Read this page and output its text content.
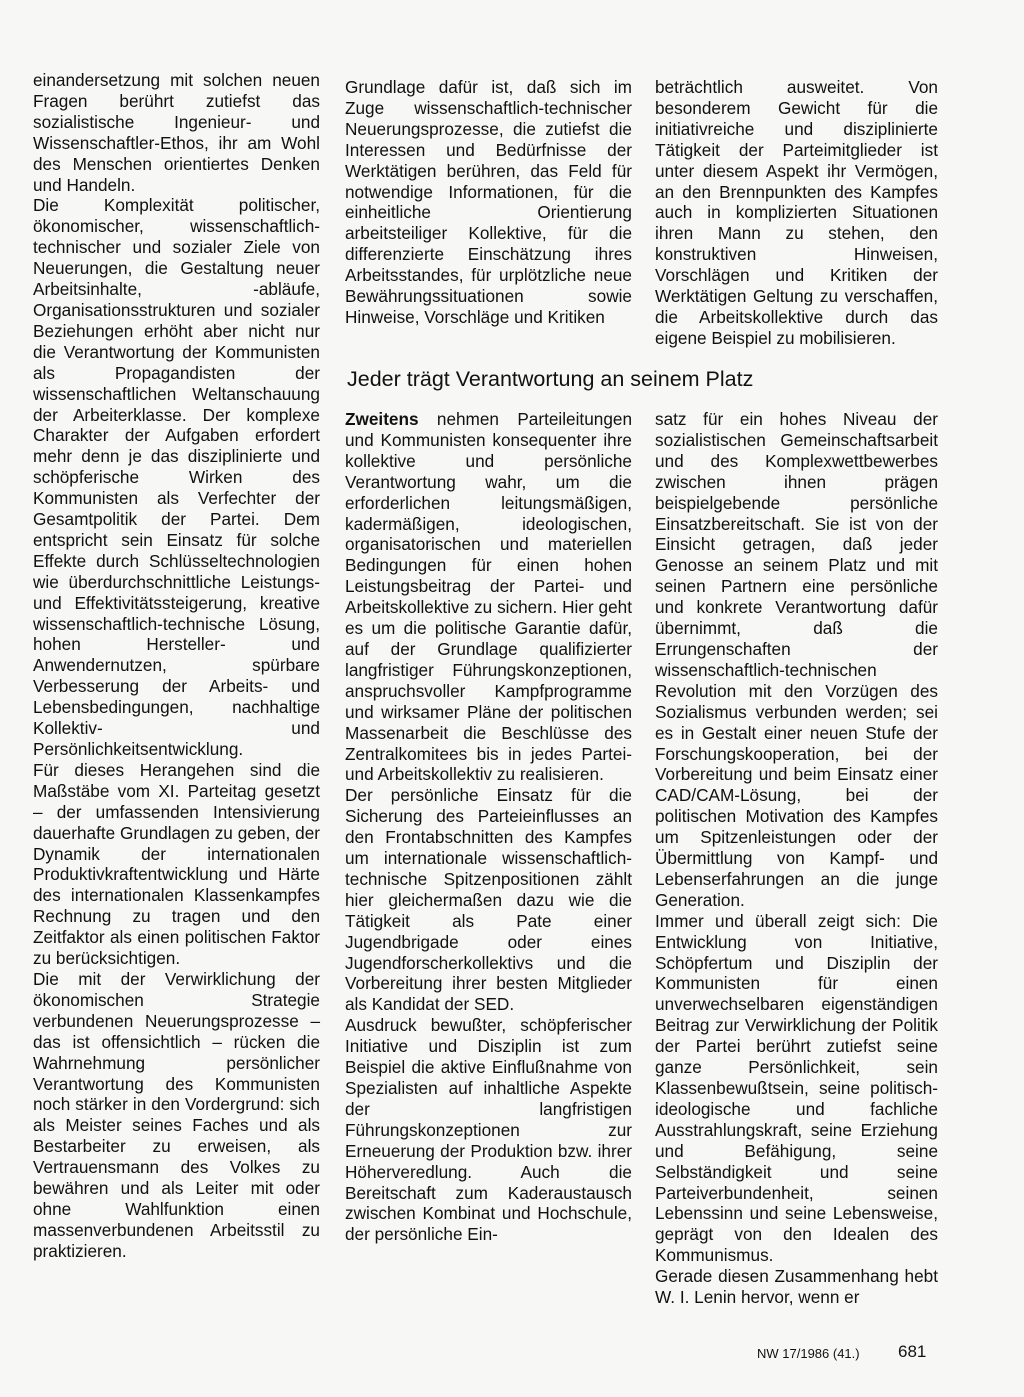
einandersetzung mit solchen neuen Fragen berührt zutiefst das sozialistische Ingenieur- und Wissenschaftler-Ethos, ihr am Wohl des Menschen orientiertes Denken und Handeln.

Die Komplexität politischer, ökonomischer, wissenschaftlich-technischer und sozialer Ziele von Neuerungen, die Gestaltung neuer Arbeitsinhalte, -abläufe, Organisationsstrukturen und sozialer Beziehungen erhöht aber nicht nur die Verantwortung der Kommunisten als Propagandisten der wissenschaftlichen Weltanschauung der Arbeiterklasse. Der komplexe Charakter der Aufgaben erfordert mehr denn je das disziplinierte und schöpferische Wirken des Kommunisten als Verfechter der Gesamtpolitik der Partei. Dem entspricht sein Einsatz für solche Effekte durch Schlüsseltechnologien wie überdurchschnittliche Leistungs- und Effektivitätssteigerung, kreative wissenschaftlich-technische Lösung, hohen Hersteller- und Anwendernutzen, spürbare Verbesserung der Arbeits- und Lebensbedingungen, nachhaltige Kollektiv- und Persönlichkeitsentwicklung.

Für dieses Herangehen sind die Maßstäbe vom XI. Parteitag gesetzt – der umfassenden Intensivierung dauerhafte Grundlagen zu geben, der Dynamik der internationalen Produktivkraftentwicklung und Härte des internationalen Klassenkampfes Rechnung zu tragen und den Zeitfaktor als einen politischen Faktor zu berücksichtigen.

Die mit der Verwirklichung der ökonomischen Strategie verbundenen Neuerungsprozesse – das ist offensichtlich – rücken die Wahrnehmung persönlicher Verantwortung des Kommunisten noch stärker in den Vordergrund: sich als Meister seines Faches und als Bestarbeiter zu erweisen, als Vertrauensmann des Volkes zu bewähren und als Leiter mit oder ohne Wahlfunktion einen massenverbundenen Arbeitsstil zu praktizieren.

Grundlage dafür ist, daß sich im Zuge wissenschaftlich-technischer Neuerungsprozesse, die zutiefst die Interessen und Bedürfnisse der Werktätigen berühren, das Feld für notwendige Informationen, für die einheitliche Orientierung arbeitsteiliger Kollektive, für die differenzierte Einschätzung ihres Arbeitsstandes, für urplötzliche neue Bewährungssituationen sowie Hinweise, Vorschläge und Kritiken

beträchtlich ausweitet. Von besonderem Gewicht für die initiativreiche und disziplinierte Tätigkeit der Parteimitglieder ist unter diesem Aspekt ihr Vermögen, an den Brennpunkten des Kampfes auch in komplizierten Situationen ihren Mann zu stehen, den konstruktiven Hinweisen, Vorschlägen und Kritiken der Werktätigen Geltung zu verschaffen, die Arbeitskollektive durch das eigene Beispiel zu mobilisieren.

Jeder trägt Verantwortung an seinem Platz

Zweitens nehmen Parteileitungen und Kommunisten konsequenter ihre kollektive und persönliche Verantwortung wahr, um die erforderlichen leitungsmäßigen, kadermäßigen, ideologischen, organisatorischen und materiellen Bedingungen für einen hohen Leistungsbeitrag der Partei- und Arbeitskollektive zu sichern. Hier geht es um die politische Garantie dafür, auf der Grundlage qualifizierter langfristiger Führungskonzeptionen, anspruchsvoller Kampfprogramme und wirksamer Pläne der politischen Massenarbeit die Beschlüsse des Zentralkomitees bis in jedes Partei- und Arbeitskollektiv zu realisieren.

Der persönliche Einsatz für die Sicherung des Parteieinflusses an den Frontabschnitten des Kampfes um internationale wissenschaftlich-technische Spitzenpositionen zählt hier gleichermaßen dazu wie die Tätigkeit als Pate einer Jugendbrigade oder eines Jugendforscherkollektivs und die Vorbereitung ihrer besten Mitglieder als Kandidat der SED.

Ausdruck bewußter, schöpferischer Initiative und Disziplin ist zum Beispiel die aktive Einflußnahme von Spezialisten auf inhaltliche Aspekte der langfristigen Führungskonzeptionen zur Erneuerung der Produktion bzw. ihrer Höherveredlung. Auch die Bereitschaft zum Kaderaustausch zwischen Kombinat und Hochschule, der persönliche Ein-

satz für ein hohes Niveau der sozialistischen Gemeinschaftsarbeit und des Komplexwettbewerbes zwischen ihnen prägen beispielgebende persönliche Einsatzbereitschaft. Sie ist von der Einsicht getragen, daß jeder Genosse an seinem Platz und mit seinen Partnern eine persönliche und konkrete Verantwortung dafür übernimmt, daß die Errungenschaften der wissenschaftlich-technischen Revolution mit den Vorzügen des Sozialismus verbunden werden; sei es in Gestalt einer neuen Stufe der Forschungskooperation, bei der Vorbereitung und beim Einsatz einer CAD/CAM-Lösung, bei der politischen Motivation des Kampfes um Spitzenleistungen oder der Übermittlung von Kampf- und Lebenserfahrungen an die junge Generation.

Immer und überall zeigt sich: Die Entwicklung von Initiative, Schöpfertum und Disziplin der Kommunisten für einen unverwechselbaren eigenständigen Beitrag zur Verwirklichung der Politik der Partei berührt zutiefst seine ganze Persönlichkeit, sein Klassenbewußtsein, seine politisch-ideologische und fachliche Ausstrahlungskraft, seine Erziehung und Befähigung, seine Selbständigkeit und seine Parteiverbundenheit, seinen Lebenssinn und seine Lebensweise, geprägt von den Idealen des Kommunismus.

Gerade diesen Zusammenhang hebt W. I. Lenin hervor, wenn er

NW 17/1986 (41.) 681
